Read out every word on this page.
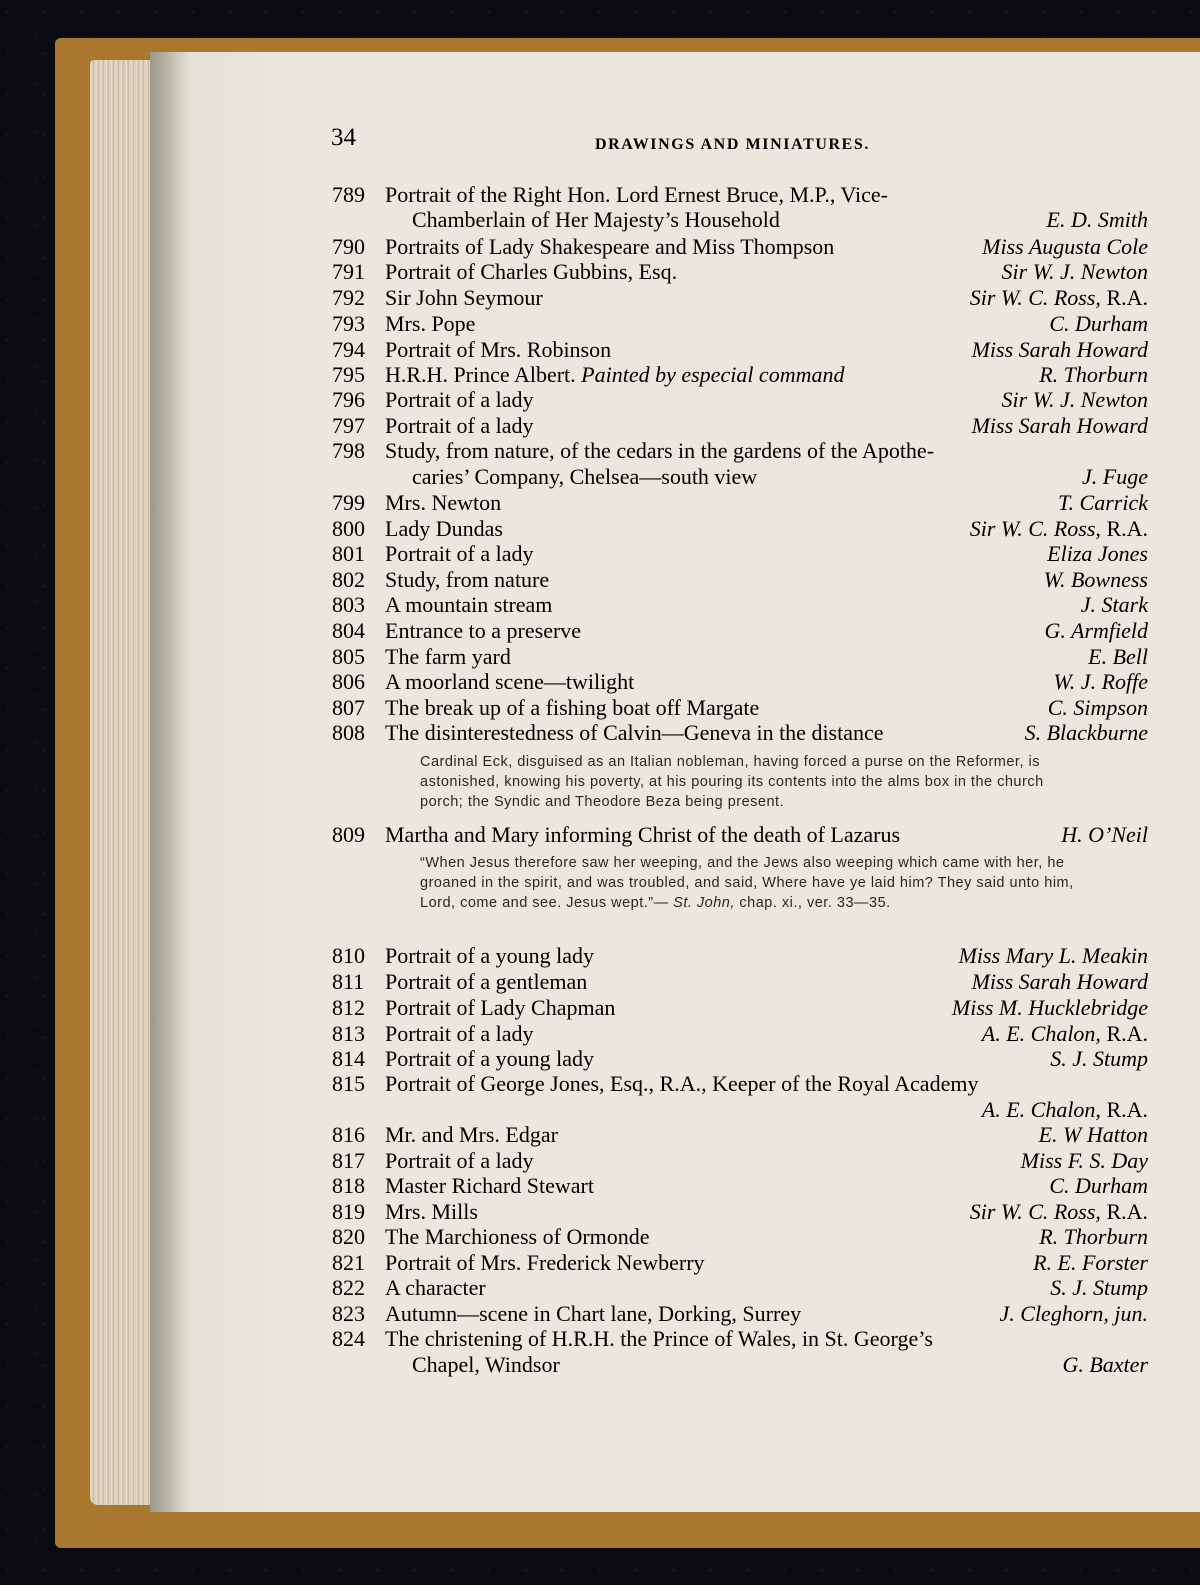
34	DRAWINGS AND MINIATURES.
789 Portrait of the Right Hon. Lord Ernest Bruce, M.P., Vice-
Chamberlain of Her Majesty’s Household	E. D. Smith
790 Portraits of Lady Shakespeare and Miss Thompson	Miss Augusta Cole
791 Portrait of Charles Gubbins, Esq.	Sir W. J. Newton
792 Sir John Seymour	Sir W. C. Ross, R.A.
793 Mrs. Pope	C. Durham
794 Portrait of Mrs. Robinson	Miss Sarah Howard
795 H.R.H. Prince Albert. Painted by especial command	R. Thorburn
796 Portrait of a lady	Sir W. J. Newton
797 Portrait of a lady	Miss Sarah Howard
798 Study, from nature, of the cedars in the gardens of the Apothe-
caries’ Company, Chelsea—south view	J. Fuge
799 Mrs. Newton	T. Carrick
800 Lady Dundas	Sir W. C. Ross, R.A.
801 Portrait of a lady	Eliza Jones
802 Study, from nature	W. Bowness
803 A mountain stream	J. Stark
804 Entrance to a preserve	G. Armfield
805 The farm yard	E. Bell
806 A moorland scene—twilight	W. J. Roffe
807 The break up of a fishing boat off Margate	C. Simpson
808 The disinterestedness of Calvin—Geneva in the distance	S. Blackburne
809 Martha and Mary informing Christ of the death of Lazarus	H. O’Neil
810 Portrait of a young lady	Miss Mary L. Meakin
811 Portrait of a gentleman	Miss Sarah Howard
812 Portrait of Lady Chapman	Miss M. Hucklebridge
813 Portrait of a lady	A. E. Chalon, R.A.
814 Portrait of a young lady	S. J. Stump
815 Portrait of George Jones, Esq., R.A., Keeper of the Royal Academy
A. E. Chalon, R.A.
816 Mr. and Mrs. Edgar	E. W Hatton
817 Portrait of a lady	Miss F. S. Day
818 Master Richard Stewart	C. Durham
819 Mrs. Mills	Sir W. C. Ross, R.A.
820 The Marchioness of Ormonde	R. Thorburn
821 Portrait of Mrs. Frederick Newberry	R. E. Forster
822 A character	S. J. Stump
823 Autumn—scene in Chart lane, Dorking, Surrey	J. Cleghorn, jun.
824 The christening of H.R.H. the Prince of Wales, in St. George’s
Chapel, Windsor	G. Baxter

Cardinal Eck, disguised as an Italian nobleman, having forced a purse on the Reformer, is astonished, knowing his poverty, at his pouring its contents into the alms box in the church porch; the Syndic and Theodore Beza being present.

“When Jesus therefore saw her weeping, and the Jews also weeping which came with her, he groaned in the spirit, and was troubled, and said, Where have ye laid him? They said unto him, Lord, come and see. Jesus wept.”— St. John, chap. xi., ver. 33—35.
